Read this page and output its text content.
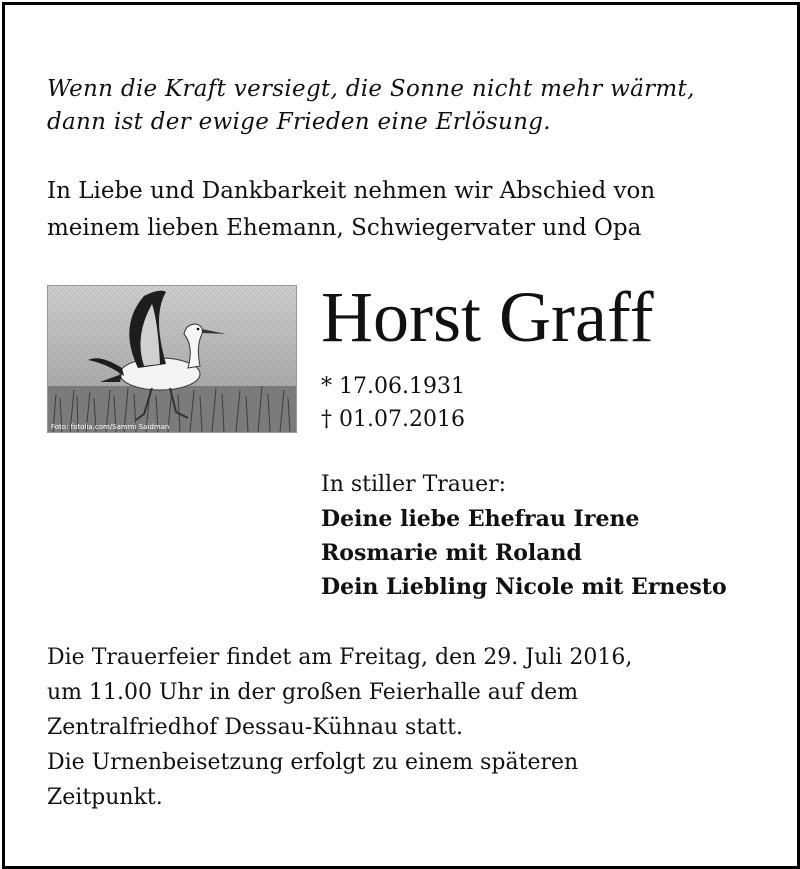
Wenn die Kraft versiegt, die Sonne nicht mehr wärmt,
dann ist der ewige Frieden eine Erlösung.
In Liebe und Dankbarkeit nehmen wir Abschied von
meinem lieben Ehemann, Schwiegervater und Opa
Foto: fotolia.com/Sammi Saidman
Horst Graff
* 17.06.1931
† 01.07.2016
In stiller Trauer:
Deine liebe Ehefrau Irene
Rosmarie mit Roland
Dein Liebling Nicole mit Ernesto
Die Trauerfeier findet am Freitag, den 29. Juli 2016,
um 11.00 Uhr in der großen Feierhalle auf dem
Zentralfriedhof Dessau-Kühnau statt.
Die Urnenbeisetzung erfolgt zu einem späteren
Zeitpunkt.
